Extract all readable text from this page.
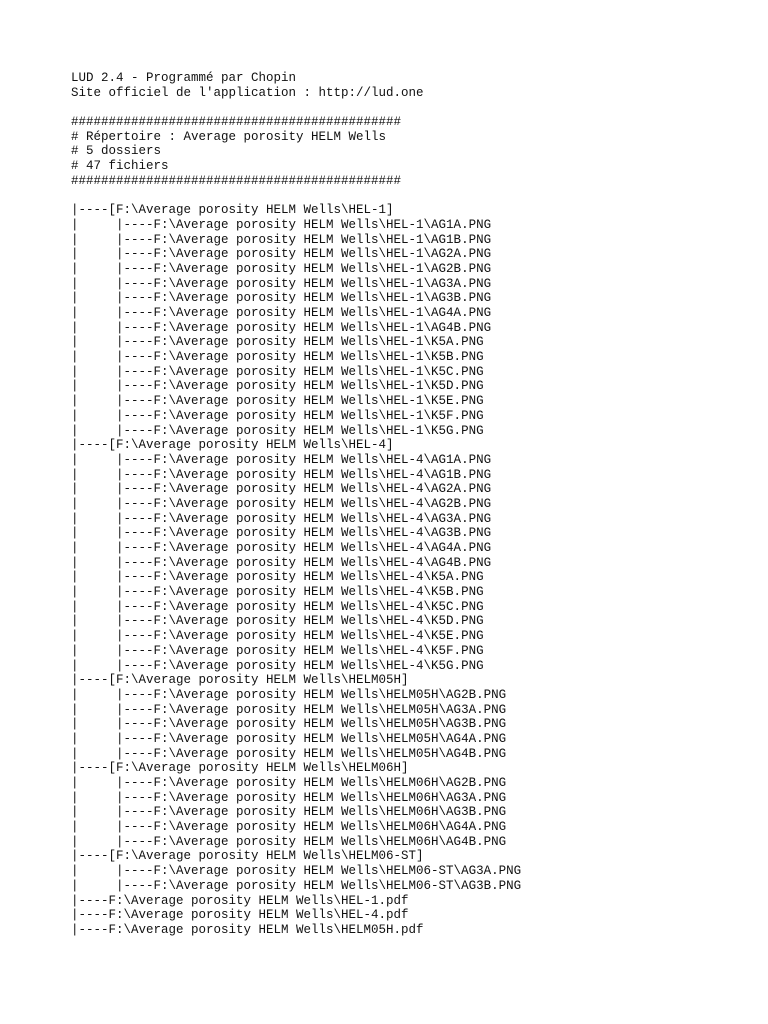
LUD 2.4 - Programmé par Chopin
Site officiel de l'application : http://lud.one
############################################
# Répertoire : Average porosity HELM Wells
# 5 dossiers
# 47 fichiers
############################################
|----[F:\Average porosity HELM Wells\HEL-1]
|     |----F:\Average porosity HELM Wells\HEL-1\AG1A.PNG
|     |----F:\Average porosity HELM Wells\HEL-1\AG1B.PNG
|     |----F:\Average porosity HELM Wells\HEL-1\AG2A.PNG
|     |----F:\Average porosity HELM Wells\HEL-1\AG2B.PNG
|     |----F:\Average porosity HELM Wells\HEL-1\AG3A.PNG
|     |----F:\Average porosity HELM Wells\HEL-1\AG3B.PNG
|     |----F:\Average porosity HELM Wells\HEL-1\AG4A.PNG
|     |----F:\Average porosity HELM Wells\HEL-1\AG4B.PNG
|     |----F:\Average porosity HELM Wells\HEL-1\K5A.PNG
|     |----F:\Average porosity HELM Wells\HEL-1\K5B.PNG
|     |----F:\Average porosity HELM Wells\HEL-1\K5C.PNG
|     |----F:\Average porosity HELM Wells\HEL-1\K5D.PNG
|     |----F:\Average porosity HELM Wells\HEL-1\K5E.PNG
|     |----F:\Average porosity HELM Wells\HEL-1\K5F.PNG
|     |----F:\Average porosity HELM Wells\HEL-1\K5G.PNG
|----[F:\Average porosity HELM Wells\HEL-4]
|     |----F:\Average porosity HELM Wells\HEL-4\AG1A.PNG
|     |----F:\Average porosity HELM Wells\HEL-4\AG1B.PNG
|     |----F:\Average porosity HELM Wells\HEL-4\AG2A.PNG
|     |----F:\Average porosity HELM Wells\HEL-4\AG2B.PNG
|     |----F:\Average porosity HELM Wells\HEL-4\AG3A.PNG
|     |----F:\Average porosity HELM Wells\HEL-4\AG3B.PNG
|     |----F:\Average porosity HELM Wells\HEL-4\AG4A.PNG
|     |----F:\Average porosity HELM Wells\HEL-4\AG4B.PNG
|     |----F:\Average porosity HELM Wells\HEL-4\K5A.PNG
|     |----F:\Average porosity HELM Wells\HEL-4\K5B.PNG
|     |----F:\Average porosity HELM Wells\HEL-4\K5C.PNG
|     |----F:\Average porosity HELM Wells\HEL-4\K5D.PNG
|     |----F:\Average porosity HELM Wells\HEL-4\K5E.PNG
|     |----F:\Average porosity HELM Wells\HEL-4\K5F.PNG
|     |----F:\Average porosity HELM Wells\HEL-4\K5G.PNG
|----[F:\Average porosity HELM Wells\HELM05H]
|     |----F:\Average porosity HELM Wells\HELM05H\AG2B.PNG
|     |----F:\Average porosity HELM Wells\HELM05H\AG3A.PNG
|     |----F:\Average porosity HELM Wells\HELM05H\AG3B.PNG
|     |----F:\Average porosity HELM Wells\HELM05H\AG4A.PNG
|     |----F:\Average porosity HELM Wells\HELM05H\AG4B.PNG
|----[F:\Average porosity HELM Wells\HELM06H]
|     |----F:\Average porosity HELM Wells\HELM06H\AG2B.PNG
|     |----F:\Average porosity HELM Wells\HELM06H\AG3A.PNG
|     |----F:\Average porosity HELM Wells\HELM06H\AG3B.PNG
|     |----F:\Average porosity HELM Wells\HELM06H\AG4A.PNG
|     |----F:\Average porosity HELM Wells\HELM06H\AG4B.PNG
|----[F:\Average porosity HELM Wells\HELM06-ST]
|     |----F:\Average porosity HELM Wells\HELM06-ST\AG3A.PNG
|     |----F:\Average porosity HELM Wells\HELM06-ST\AG3B.PNG
|----F:\Average porosity HELM Wells\HEL-1.pdf
|----F:\Average porosity HELM Wells\HEL-4.pdf
|----F:\Average porosity HELM Wells\HELM05H.pdf
